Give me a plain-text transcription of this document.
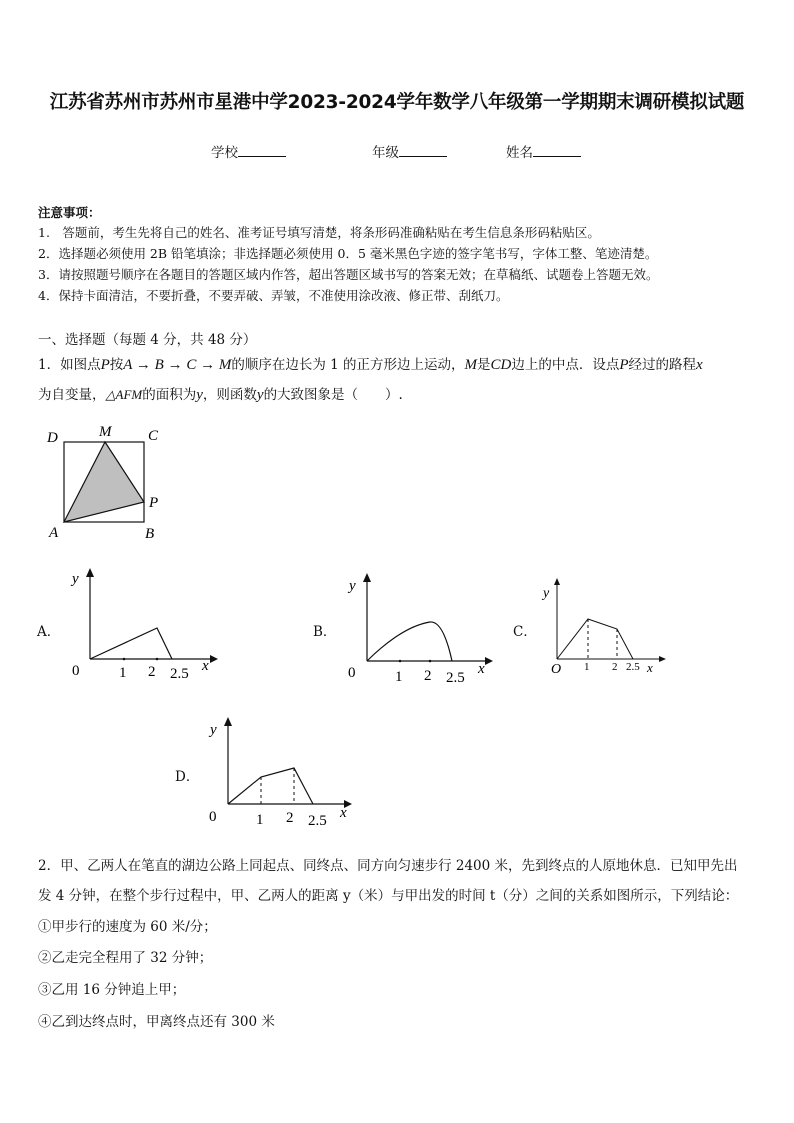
江苏省苏州市苏州市星港中学2023-2024学年数学八年级第一学期期末调研模拟试题
学校	年级	姓名
注意事项：
1.　答题前，考生先将自己的姓名、准考证号填写清楚，将条形码准确粘贴在考生信息条形码粘贴区。
2．选择题必须使用 2B 铅笔填涂；非选择题必须使用 0．5 毫米黑色字迹的签字笔书写，字体工整、笔迹清楚。
3．请按照题号顺序在各题目的答题区域内作答，超出答题区域书写的答案无效；在草稿纸、试题卷上答题无效。
4．保持卡面清洁，不要折叠，不要弄破、弄皱，不准使用涂改液、修正带、刮纸刀。
一、选择题（每题 4 分，共 48 分）
1．如图点P按A → B → C → M的顺序在边长为 1 的正方形边上运动，M是CD边上的中点．设点P经过的路程x
为自变量，△AFM的面积为y，则函数y的大致图象是（　　）.
D	M C
P
A	B
A．
y
0	1 2 2.5 x
B．
y
0	1 2 2.5
x
C．
y
O 1 2 2.5 x
D．
y
0	1 2 2.5 x
2．甲、乙两人在笔直的湖边公路上同起点、同终点、同方向匀速步行 2400 米，先到终点的人原地休息．已知甲先出
发 4 分钟，在整个步行过程中，甲、乙两人的距离 y（米）与甲出发的时间 t（分）之间的关系如图所示，下列结论：
①甲步行的速度为 60 米/分；
②乙走完全程用了 32 分钟；
③乙用 16 分钟追上甲；
④乙到达终点时，甲离终点还有 300 米
